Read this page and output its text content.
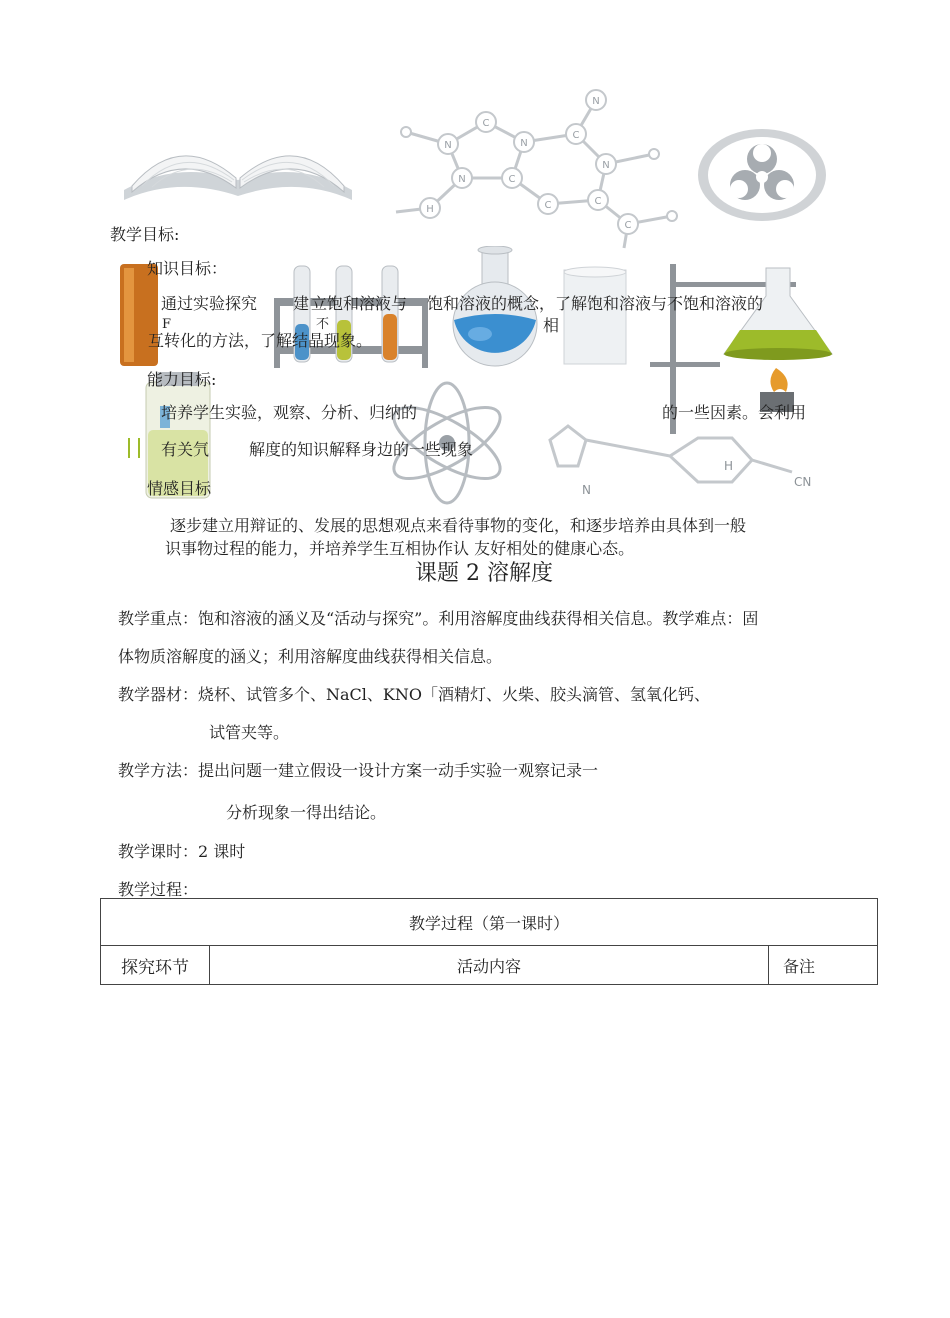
N
C
N
C
N
C
C
N
C
H
C
N
N
H
CN
教学目标:
知识目标：
通过实验探究 建 立饱和溶液与 饱和溶液的概念，了解饱和溶液与不饱和溶液的
F	不	相
互转化的方法，了解结晶现象。
能力目标:
培养学生实验，观察、分析、归纳的	的一些因素。会利用
有关氕 解度的知识解释身边的一些现象
情感目标
逐步建立用辩证的、发展的思想观点来看待事物的变化，和逐步培养由具体到一般
识事物过程的能力，并培养学生互相协作认 友好相处的健康心态。
课题 2 溶解度
教学重点：饱和溶液的涵义及“活动与探究”。利用溶解度曲线获得相关信息。教学难点：固
体物质溶解度的涵义；利用溶解度曲线获得相关信息。
教学器材：烧杯、试管多个、NaCl、KNO「酒精灯、火柴、胶头滴管、氢氧化钙、
试管夹等。
教学方法：提出问题一建立假设一设计方案一动手实验一观察记录一
分析现象一得出结论。
教学课时：2 课时
教学过程：
教学过程（第一课时）
探究环节	活动内容	备注
